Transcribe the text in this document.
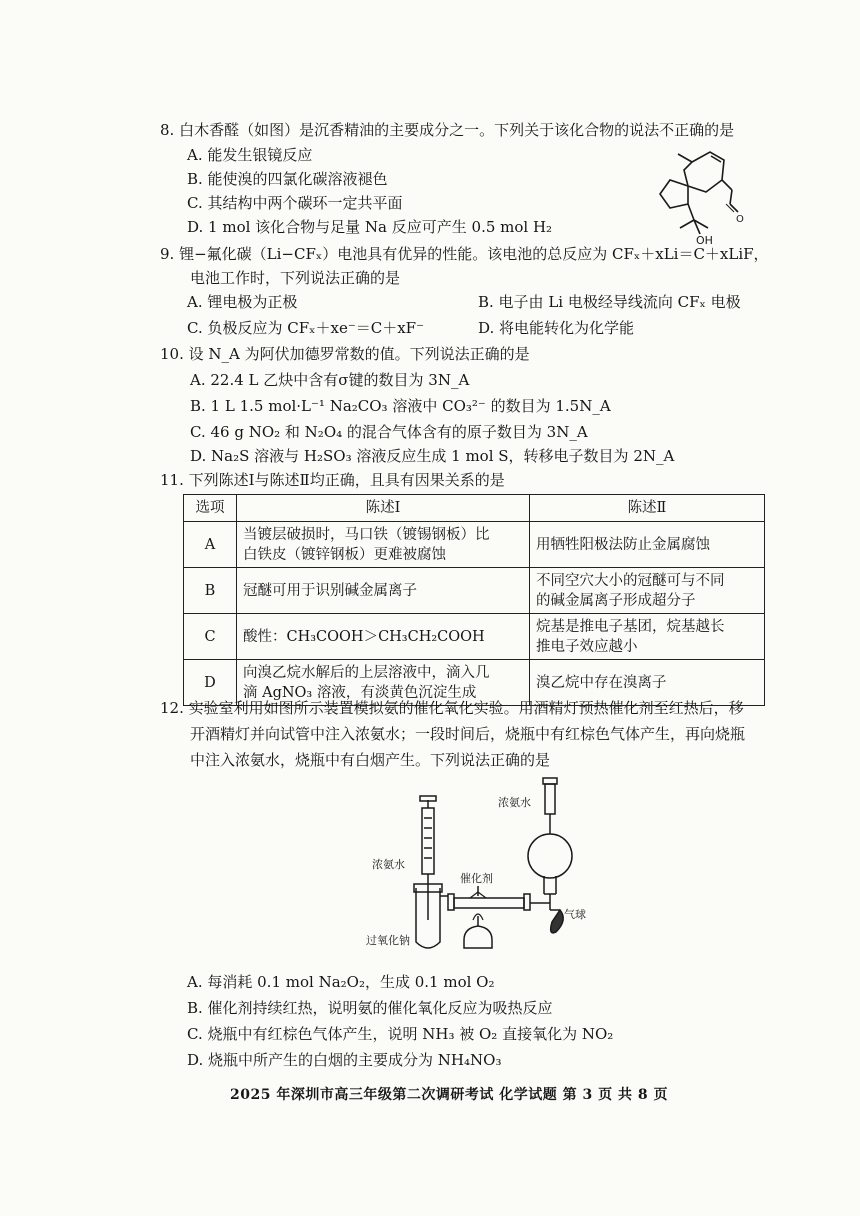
8. 白木香醛（如图）是沉香精油的主要成分之一。下列关于该化合物的说法不正确的是
A. 能发生银镜反应
B. 能使溴的四氯化碳溶液褪色
C. 其结构中两个碳环一定共平面
D. 1 mol 该化合物与足量 Na 反应可产生 0.5 mol H₂	O
OH
9. 锂−氟化碳（Li−CFₓ）电池具有优异的性能。该电池的总反应为 CFₓ＋xLi＝C＋xLiF，
电池工作时，下列说法正确的是
A. 锂电极为正极	B. 电子由 Li 电极经导线流向 CFₓ 电极
C. 负极反应为 CFₓ＋xe⁻＝C＋xF⁻	D. 将电能转化为化学能
10. 设 N_A 为阿伏加德罗常数的值。下列说法正确的是
A. 22.4 L 乙炔中含有σ键的数目为 3N_A
B. 1 L 1.5 mol·L⁻¹ Na₂CO₃ 溶液中 CO₃²⁻ 的数目为 1.5N_A
C. 46 g NO₂ 和 N₂O₄ 的混合气体含有的原子数目为 3N_A
D. Na₂S 溶液与 H₂SO₃ 溶液反应生成 1 mol S，转移电子数目为 2N_A
11. 下列陈述Ⅰ与陈述Ⅱ均正确，且具有因果关系的是
选项	陈述Ⅰ	陈述Ⅱ
A	当镀层破损时，马口铁（镀锡钢板）比
白铁皮（镀锌钢板）更难被腐蚀	用牺牲阳极法防止金属腐蚀

B	冠醚可用于识别碱金属离子	不同空穴大小的冠醚可与不同
的碱金属离子形成超分子

C	酸性：CH₃COOH＞CH₃CH₂COOH	烷基是推电子基团，烷基越长
推电子效应越小

D	向溴乙烷水解后的上层溶液中，滴入几
滴 AgNO₃ 溶液，有淡黄色沉淀生成	溴乙烷中存在溴离子
12. 实验室利用如图所示装置模拟氨的催化氧化实验。用酒精灯预热催化剂至红热后，移
开酒精灯并向试管中注入浓氨水；一段时间后，烧瓶中有红棕色气体产生，再向烧瓶
中注入浓氨水，烧瓶中有白烟产生。下列说法正确的是
浓氨水
催化剂
过氧化钠
浓氨水
气球
A. 每消耗 0.1 mol Na₂O₂，生成 0.1 mol O₂
B. 催化剂持续红热，说明氨的催化氧化反应为吸热反应
C. 烧瓶中有红棕色气体产生，说明 NH₃ 被 O₂ 直接氧化为 NO₂
D. 烧瓶中所产生的白烟的主要成分为 NH₄NO₃
2025 年深圳市高三年级第二次调研考试 化学试题 第 3 页 共 8 页
